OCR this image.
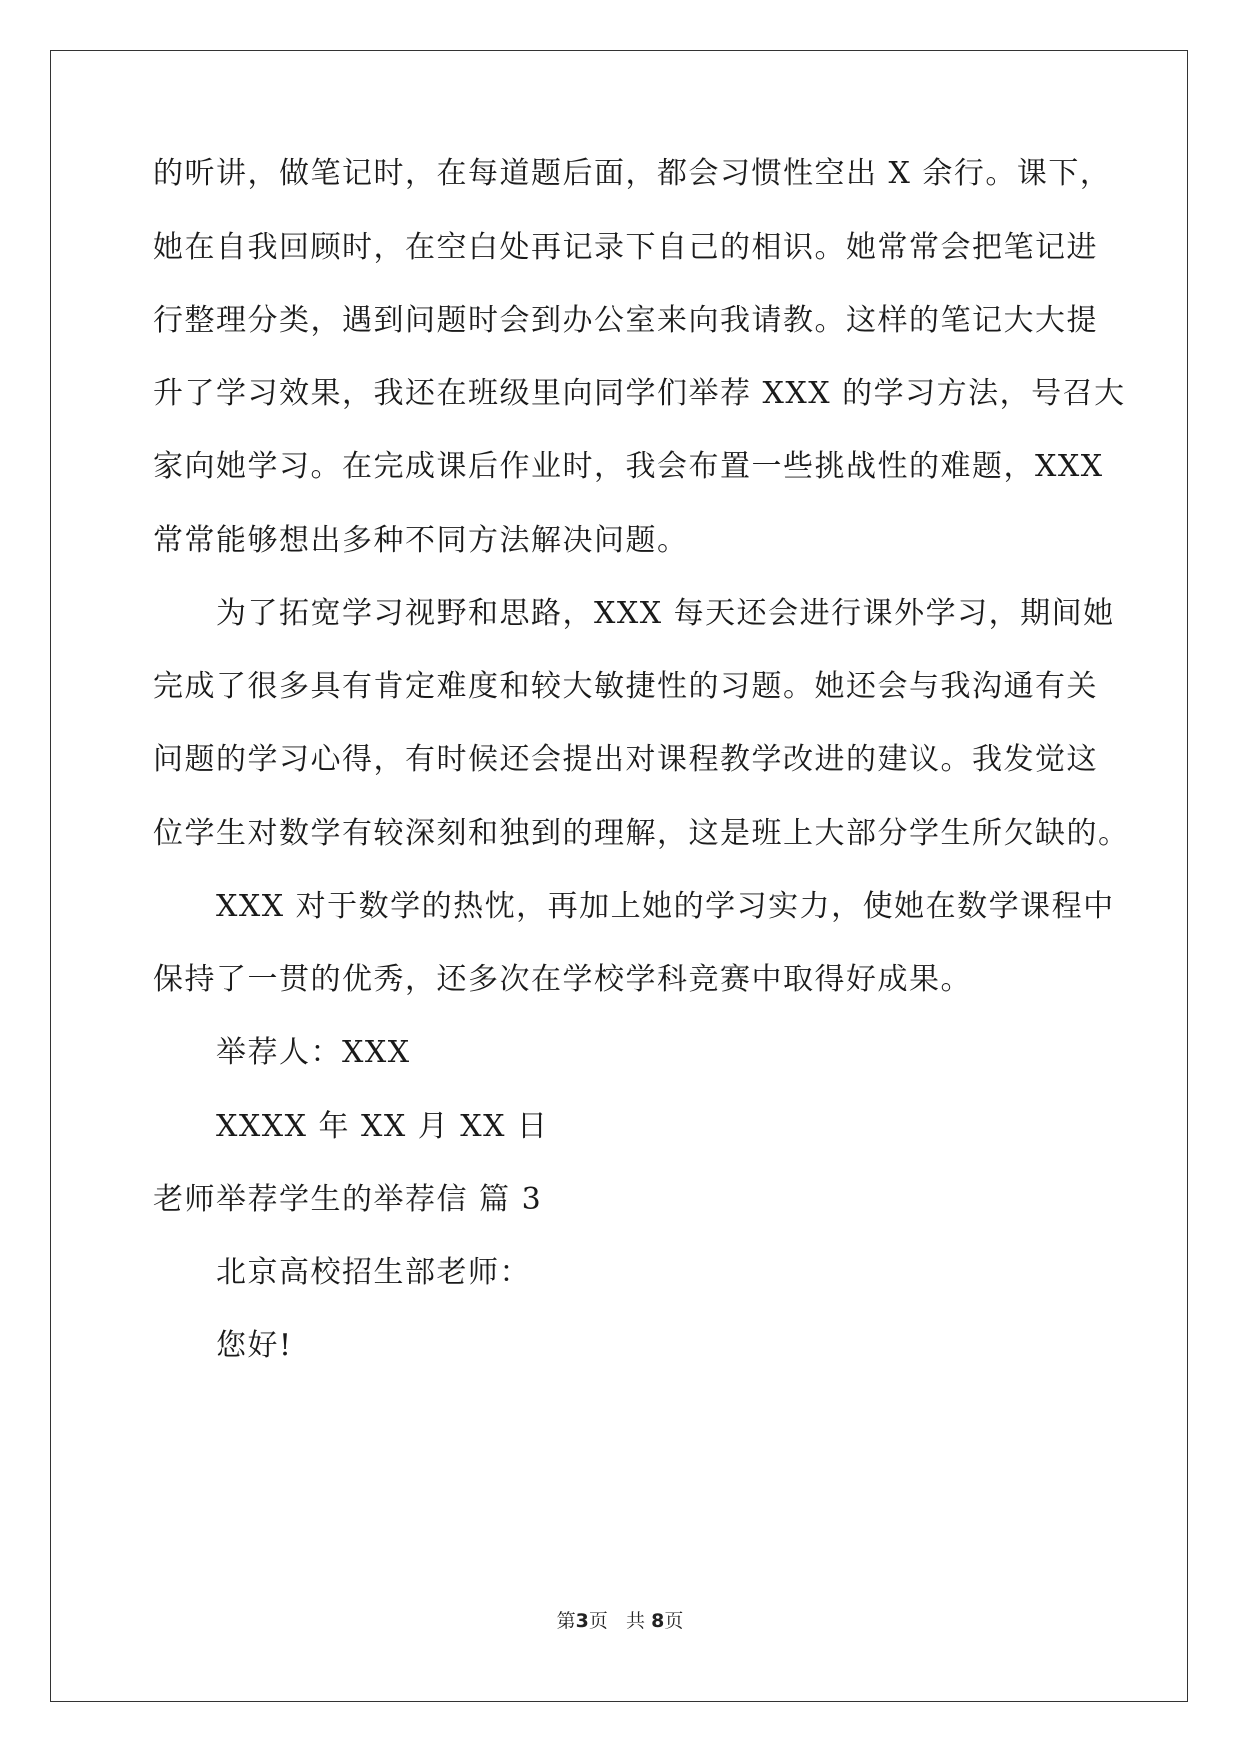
的听讲，做笔记时，在每道题后面，都会习惯性空出 X 余行。课下，
她在自我回顾时，在空白处再记录下自己的相识。她常常会把笔记进
行整理分类，遇到问题时会到办公室来向我请教。这样的笔记大大提
升了学习效果，我还在班级里向同学们举荐 XXX 的学习方法，号召大
家向她学习。在完成课后作业时，我会布置一些挑战性的难题，XXX
常常能够想出多种不同方法解决问题。
为了拓宽学习视野和思路，XXX 每天还会进行课外学习，期间她
完成了很多具有肯定难度和较大敏捷性的习题。她还会与我沟通有关
问题的学习心得，有时候还会提出对课程教学改进的建议。我发觉这
位学生对数学有较深刻和独到的理解，这是班上大部分学生所欠缺的。
XXX 对于数学的热忱，再加上她的学习实力，使她在数学课程中
保持了一贯的优秀，还多次在学校学科竞赛中取得好成果。
举荐人：XXX
XXXX 年 XX 月 XX 日
老师举荐学生的举荐信 篇 3
北京高校招生部老师：
您好!
第3页 共 8页
